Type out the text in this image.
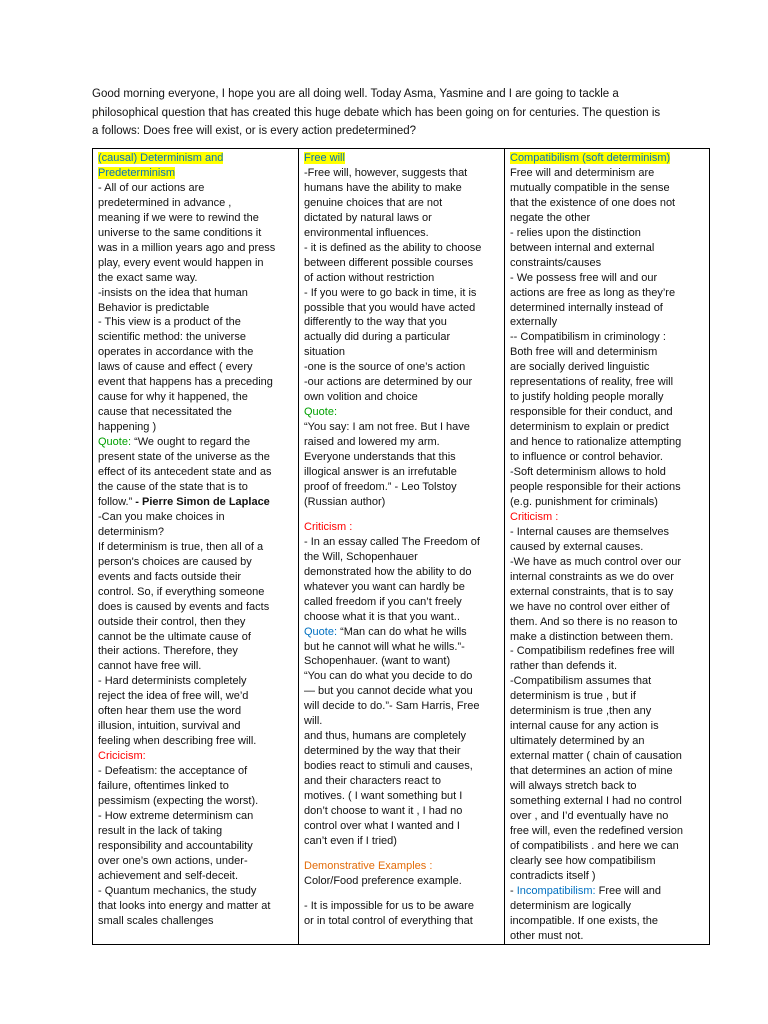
Good morning everyone, I hope you are all doing well. Today Asma, Yasmine and I are going to tackle a
philosophical question that has created this huge debate which has been going on for centuries. The question is
a follows: Does free will exist, or is every action predetermined?
(causal) Determinism and
Predeterminism
- All of our actions are
predetermined in advance ,
meaning if we were to rewind the
universe to the same conditions it
was in a million years ago and press
play, every event would happen in
the exact same way.
-insists on the idea that human
Behavior is predictable
- This view is a product of the
scientific method: the universe
operates in accordance with the
laws of cause and effect ( every
event that happens has a preceding
cause for why it happened, the
cause that necessitated the
happening )
Quote: “We ought to regard the
present state of the universe as the
effect of its antecedent state and as
the cause of the state that is to
follow.” - Pierre Simon de Laplace
-Can you make choices in
determinism?
If determinism is true, then all of a
person's choices are caused by
events and facts outside their
control. So, if everything someone
does is caused by events and facts
outside their control, then they
cannot be the ultimate cause of
their actions. Therefore, they
cannot have free will.
- Hard determinists completely
reject the idea of free will, we’d
often hear them use the word
illusion, intuition, survival and
feeling when describing free will.
Cricicism:
- Defeatism: the acceptance of
failure, oftentimes linked to
pessimism (expecting the worst).
- How extreme determinism can
result in the lack of taking
responsibility and accountability
over one’s own actions, under-
achievement and self-deceit.
- Quantum mechanics, the study
that looks into energy and matter at
small scales challenges

Free will
-Free will, however, suggests that
humans have the ability to make
genuine choices that are not
dictated by natural laws or
environmental influences.
- it is defined as the ability to choose
between different possible courses
of action without restriction
- If you were to go back in time, it is
possible that you would have acted
differently to the way that you
actually did during a particular
situation
-one is the source of one’s action
-our actions are determined by our
own volition and choice
Quote:
“You say: I am not free. But I have
raised and lowered my arm.
Everyone understands that this
illogical answer is an irrefutable
proof of freedom.” - Leo Tolstoy
(Russian author)
Criticism :
- In an essay called The Freedom of
the Will, Schopenhauer
demonstrated how the ability to do
whatever you want can hardly be
called freedom if you can’t freely
choose what it is that you want..
Quote: “Man can do what he wills
but he cannot will what he wills.”-
Schopenhauer. (want to want)
“You can do what you decide to do
— but you cannot decide what you
will decide to do.”- Sam Harris, Free
will.
and thus, humans are completely
determined by the way that their
bodies react to stimuli and causes,
and their characters react to
motives. ( I want something but I
don’t choose to want it , I had no
control over what I wanted and I
can’t even if I tried)
Demonstrative Examples :
Color/Food preference example.
- It is impossible for us to be aware
or in total control of everything that

Compatibilism (soft determinism)
Free will and determinism are
mutually compatible in the sense
that the existence of one does not
negate the other
- relies upon the distinction
between internal and external
constraints/causes
- We possess free will and our
actions are free as long as they’re
determined internally instead of
externally
-- Compatibilism in criminology :
Both free will and determinism
are socially derived linguistic
representations of reality, free will
to justify holding people morally
responsible for their conduct, and
determinism to explain or predict
and hence to rationalize attempting
to influence or control behavior.
-Soft determinism allows to hold
people responsible for their actions
(e.g. punishment for criminals)
Criticism :
- Internal causes are themselves
caused by external causes.
-We have as much control over our
internal constraints as we do over
external constraints, that is to say
we have no control over either of
them. And so there is no reason to
make a distinction between them.
- Compatibilism redefines free will
rather than defends it.
-Compatibilism assumes that
determinism is true , but if
determinism is true ,then any
internal cause for any action is
ultimately determined by an
external matter ( chain of causation
that determines an action of mine
will always stretch back to
something external I had no control
over , and I’d eventually have no
free will, even the redefined version
of compatibilists . and here we can
clearly see how compatibilism
contradicts itself )
- Incompatibilism: Free will and
determinism are logically
incompatible. If one exists, the
other must not.
